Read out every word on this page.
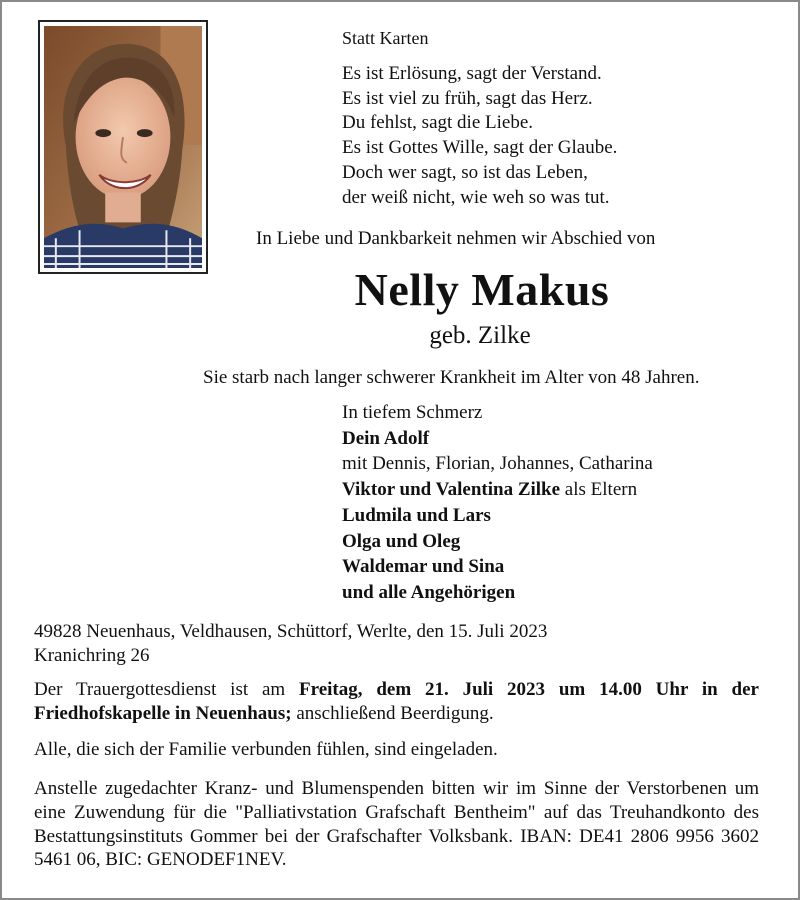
Statt Karten
Es ist Erlösung, sagt der Verstand.
Es ist viel zu früh, sagt das Herz.
Du fehlst, sagt die Liebe.
Es ist Gottes Wille, sagt der Glaube.
Doch wer sagt, so ist das Leben,
der weiß nicht, wie weh so was tut.
In Liebe und Dankbarkeit nehmen wir Abschied von
Nelly Makus
geb. Zilke
Sie starb nach langer schwerer Krankheit im Alter von 48 Jahren.
In tiefem Schmerz
Dein Adolf
mit Dennis, Florian, Johannes, Catharina
Viktor und Valentina Zilke als Eltern
Ludmila und Lars
Olga und Oleg
Waldemar und Sina
und alle Angehörigen
49828 Neuenhaus, Veldhausen, Schüttorf, Werlte, den 15. Juli 2023
Kranichring 26
Der Trauergottesdienst ist am Freitag, dem 21. Juli 2023 um 14.00 Uhr in der Friedhofskapelle in Neuenhaus; anschließend Beerdigung.
Alle, die sich der Familie verbunden fühlen, sind eingeladen.
Anstelle zugedachter Kranz- und Blumenspenden bitten wir im Sinne der Verstorbenen um eine Zuwendung für die "Palliativstation Grafschaft Bentheim" auf das Treuhandkonto des Bestattungsinstituts Gommer bei der Grafschafter Volksbank. IBAN: DE41 2806 9956 3602 5461 06, BIC: GENODEF1NEV.
